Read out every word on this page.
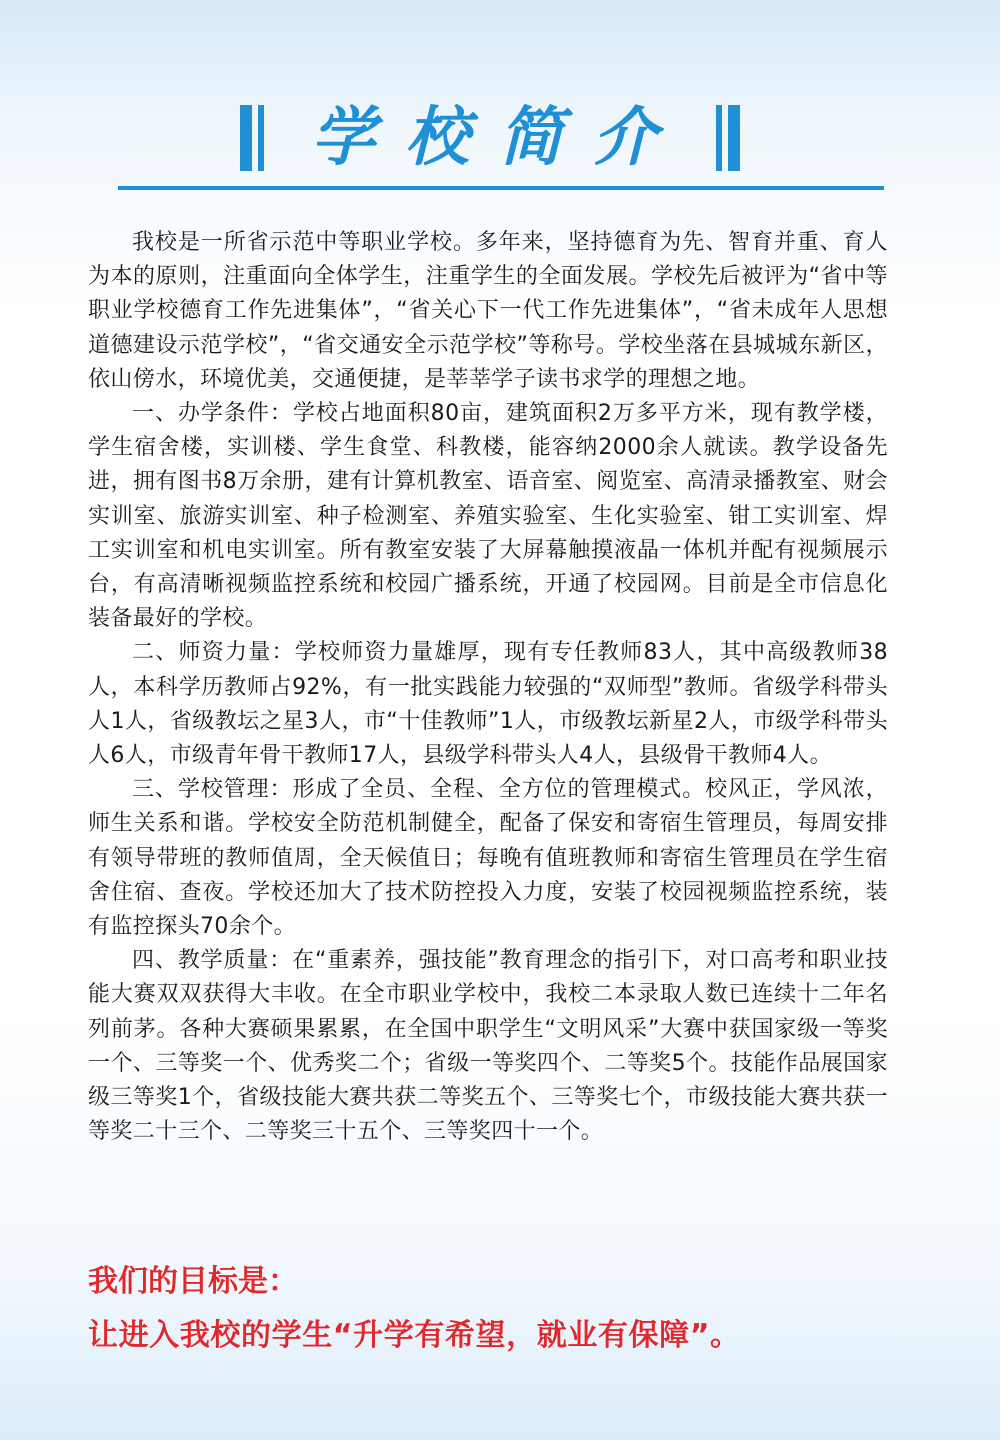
学校简介

我校是一所省示范中等职业学校。多年来，坚持德育为先、智育并重、育人为本的原则，注重面向全体学生，注重学生的全面发展。学校先后被评为“省中等职业学校德育工作先进集体”，“省关心下一代工作先进集体”，“省未成年人思想道德建设示范学校”，“省交通安全示范学校”等称号。学校坐落在县城城东新区，依山傍水，环境优美，交通便捷，是莘莘学子读书求学的理想之地。

一、办学条件：学校占地面积80亩，建筑面积2万多平方米，现有教学楼，学生宿舍楼，实训楼、学生食堂、科教楼，能容纳2000余人就读。教学设备先进，拥有图书8万余册，建有计算机教室、语音室、阅览室、高清录播教室、财会实训室、旅游实训室、种子检测室、养殖实验室、生化实验室、钳工实训室、焊工实训室和机电实训室。所有教室安装了大屏幕触摸液晶一体机并配有视频展示台，有高清晰视频监控系统和校园广播系统，开通了校园网。目前是全市信息化装备最好的学校。

二、师资力量：学校师资力量雄厚，现有专任教师83人，其中高级教师38人，本科学历教师占92%，有一批实践能力较强的“双师型”教师。省级学科带头人1人，省级教坛之星3人，市“十佳教师”1人，市级教坛新星2人，市级学科带头人6人，市级青年骨干教师17人，县级学科带头人4人，县级骨干教师4人。

三、学校管理：形成了全员、全程、全方位的管理模式。校风正，学风浓，师生关系和谐。学校安全防范机制健全，配备了保安和寄宿生管理员，每周安排有领导带班的教师值周，全天候值日；每晚有值班教师和寄宿生管理员在学生宿舍住宿、查夜。学校还加大了技术防控投入力度，安装了校园视频监控系统，装有监控探头70余个。

四、教学质量：在“重素养，强技能”教育理念的指引下，对口高考和职业技能大赛双双获得大丰收。在全市职业学校中，我校二本录取人数已连续十二年名列前茅。各种大赛硕果累累，在全国中职学生“文明风采”大赛中获国家级一等奖一个、三等奖一个、优秀奖二个；省级一等奖四个、二等奖5个。技能作品展国家级三等奖1个，省级技能大赛共获二等奖五个、三等奖七个，市级技能大赛共获一等奖二十三个、二等奖三十五个、三等奖四十一个。

我们的目标是：
让进入我校的学生“升学有希望，就业有保障”。
